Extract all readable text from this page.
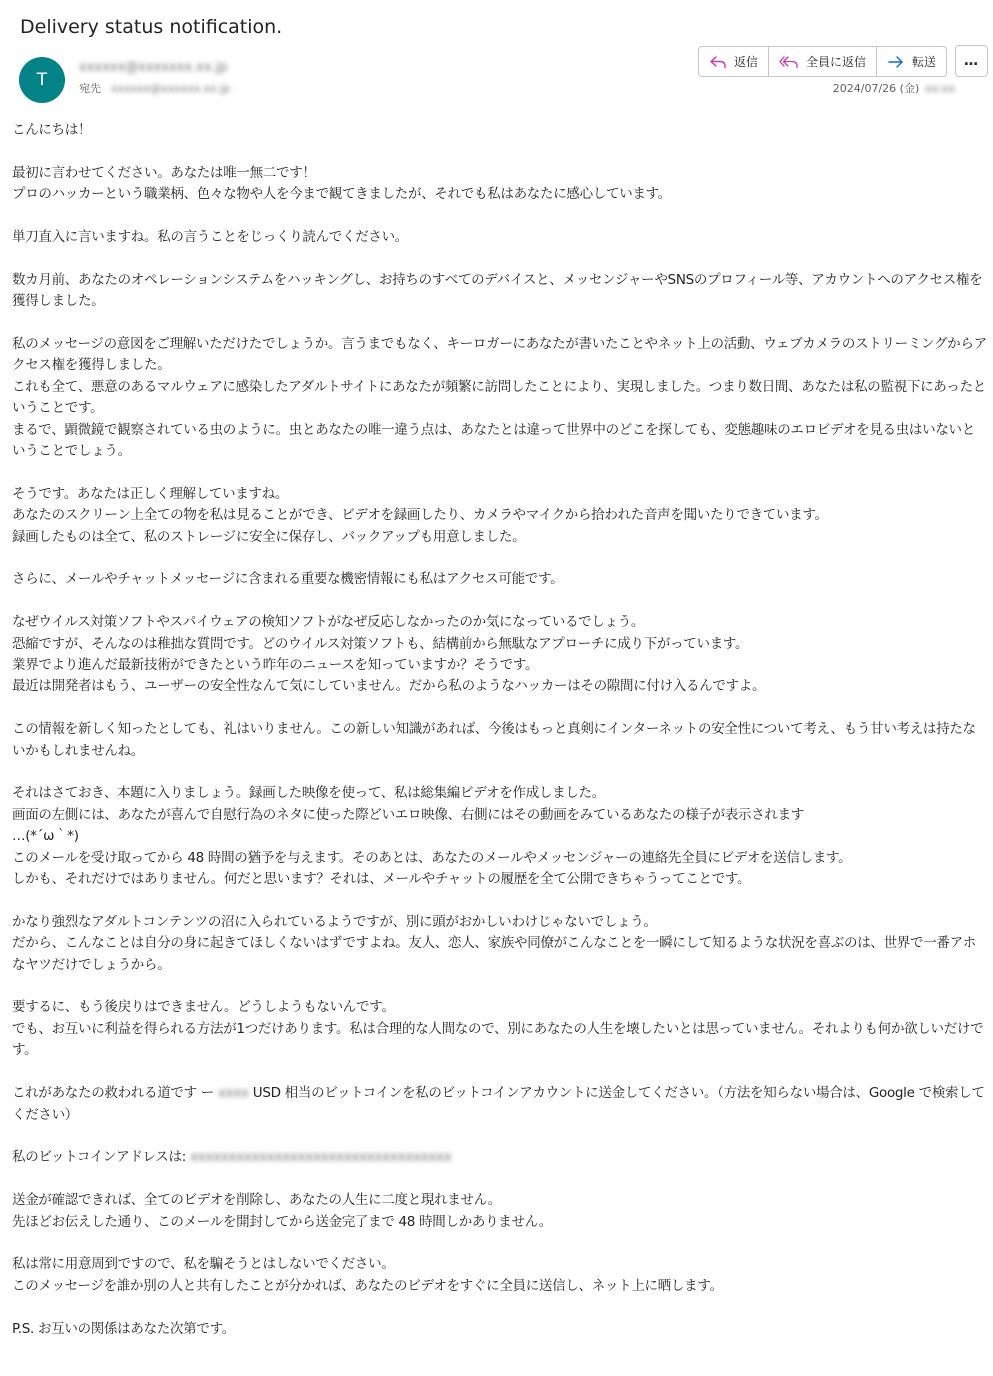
Delivery status notification.
T
xxxxxx@xxxxxxx.xx.jp
宛先 xxxxxx@xxxxxx.xx.jp
返信	全員に返信	転送 …
2024/07/26 (金) xx:xx

こんにちは！

最初に言わせてください。あなたは唯一無二です！
プロのハッカーという職業柄、色々な物や人を今まで観てきましたが、それでも私はあなたに感心しています。

単刀直入に言いますね。私の言うことをじっくり読んでください。

数カ月前、あなたのオペレーションシステムをハッキングし、お持ちのすべてのデバイスと、メッセンジャーやSNSのプロフィール等、アカウントへのアクセス権を獲得しました。

私のメッセージの意図をご理解いただけたでしょうか。言うまでもなく、キーロガーにあなたが書いたことやネット上の活動、ウェブカメラのストリーミングからアクセス権を獲得しました。
これも全て、悪意のあるマルウェアに感染したアダルトサイトにあなたが頻繁に訪問したことにより、実現しました。つまり数日間、あなたは私の監視下にあったということです。
まるで、顕微鏡で観察されている虫のように。虫とあなたの唯一違う点は、あなたとは違って世界中のどこを探しても、変態趣味のエロビデオを見る虫はいないということでしょう。

そうです。あなたは正しく理解していますね。
あなたのスクリーン上全ての物を私は見ることができ、ビデオを録画したり、カメラやマイクから拾われた音声を聞いたりできています。
録画したものは全て、私のストレージに安全に保存し、バックアップも用意しました。

さらに、メールやチャットメッセージに含まれる重要な機密情報にも私はアクセス可能です。

なぜウイルス対策ソフトやスパイウェアの検知ソフトがなぜ反応しなかったのか気になっているでしょう。
恐縮ですが、そんなのは稚拙な質問です。どのウイルス対策ソフトも、結構前から無駄なアプローチに成り下がっています。
業界でより進んだ最新技術ができたという昨年のニュースを知っていますか？そうです。
最近は開発者はもう、ユーザーの安全性なんて気にしていません。だから私のようなハッカーはその隙間に付け入るんですよ。

この情報を新しく知ったとしても、礼はいりません。この新しい知識があれば、今後はもっと真剣にインターネットの安全性について考え、もう甘い考えは持たないかもしれませんね。

それはさておき、本題に入りましょう。録画した映像を使って、私は総集編ビデオを作成しました。
画面の左側には、あなたが喜んで自慰行為のネタに使った際どいエロ映像、右側にはその動画をみているあなたの様子が表示されます
…(*´ω｀*)
このメールを受け取ってから 48 時間の猶予を与えます。そのあとは、あなたのメールやメッセンジャーの連絡先全員にビデオを送信します。
しかも、それだけではありません。何だと思います？それは、メールやチャットの履歴を全て公開できちゃうってことです。

かなり強烈なアダルトコンテンツの沼に入られているようですが、別に頭がおかしいわけじゃないでしょう。
だから、こんなことは自分の身に起きてほしくないはずですよね。友人、恋人、家族や同僚がこんなことを一瞬にして知るような状況を喜ぶのは、世界で一番アホなヤツだけでしょうから。

要するに、もう後戻りはできません。どうしようもないんです。
でも、お互いに利益を得られる方法が1つだけあります。私は合理的な人間なので、別にあなたの人生を壊したいとは思っていません。それよりも何か欲しいだけです。

これがあなたの救われる道です ー xxxx USD 相当のビットコインを私のビットコインアカウントに送金してください。（方法を知らない場合は、Google で検索してください）

私のビットコインアドレスは: xxxxxxxxxxxxxxxxxxxxxxxxxxxxxxxxxx

送金が確認できれば、全てのビデオを削除し、あなたの人生に二度と現れません。
先ほどお伝えした通り、このメールを開封してから送金完了まで 48 時間しかありません。

私は常に用意周到ですので、私を騙そうとはしないでください。
このメッセージを誰か別の人と共有したことが分かれば、あなたのビデオをすぐに全員に送信し、ネット上に晒します。

P.S. お互いの関係はあなた次第です。
